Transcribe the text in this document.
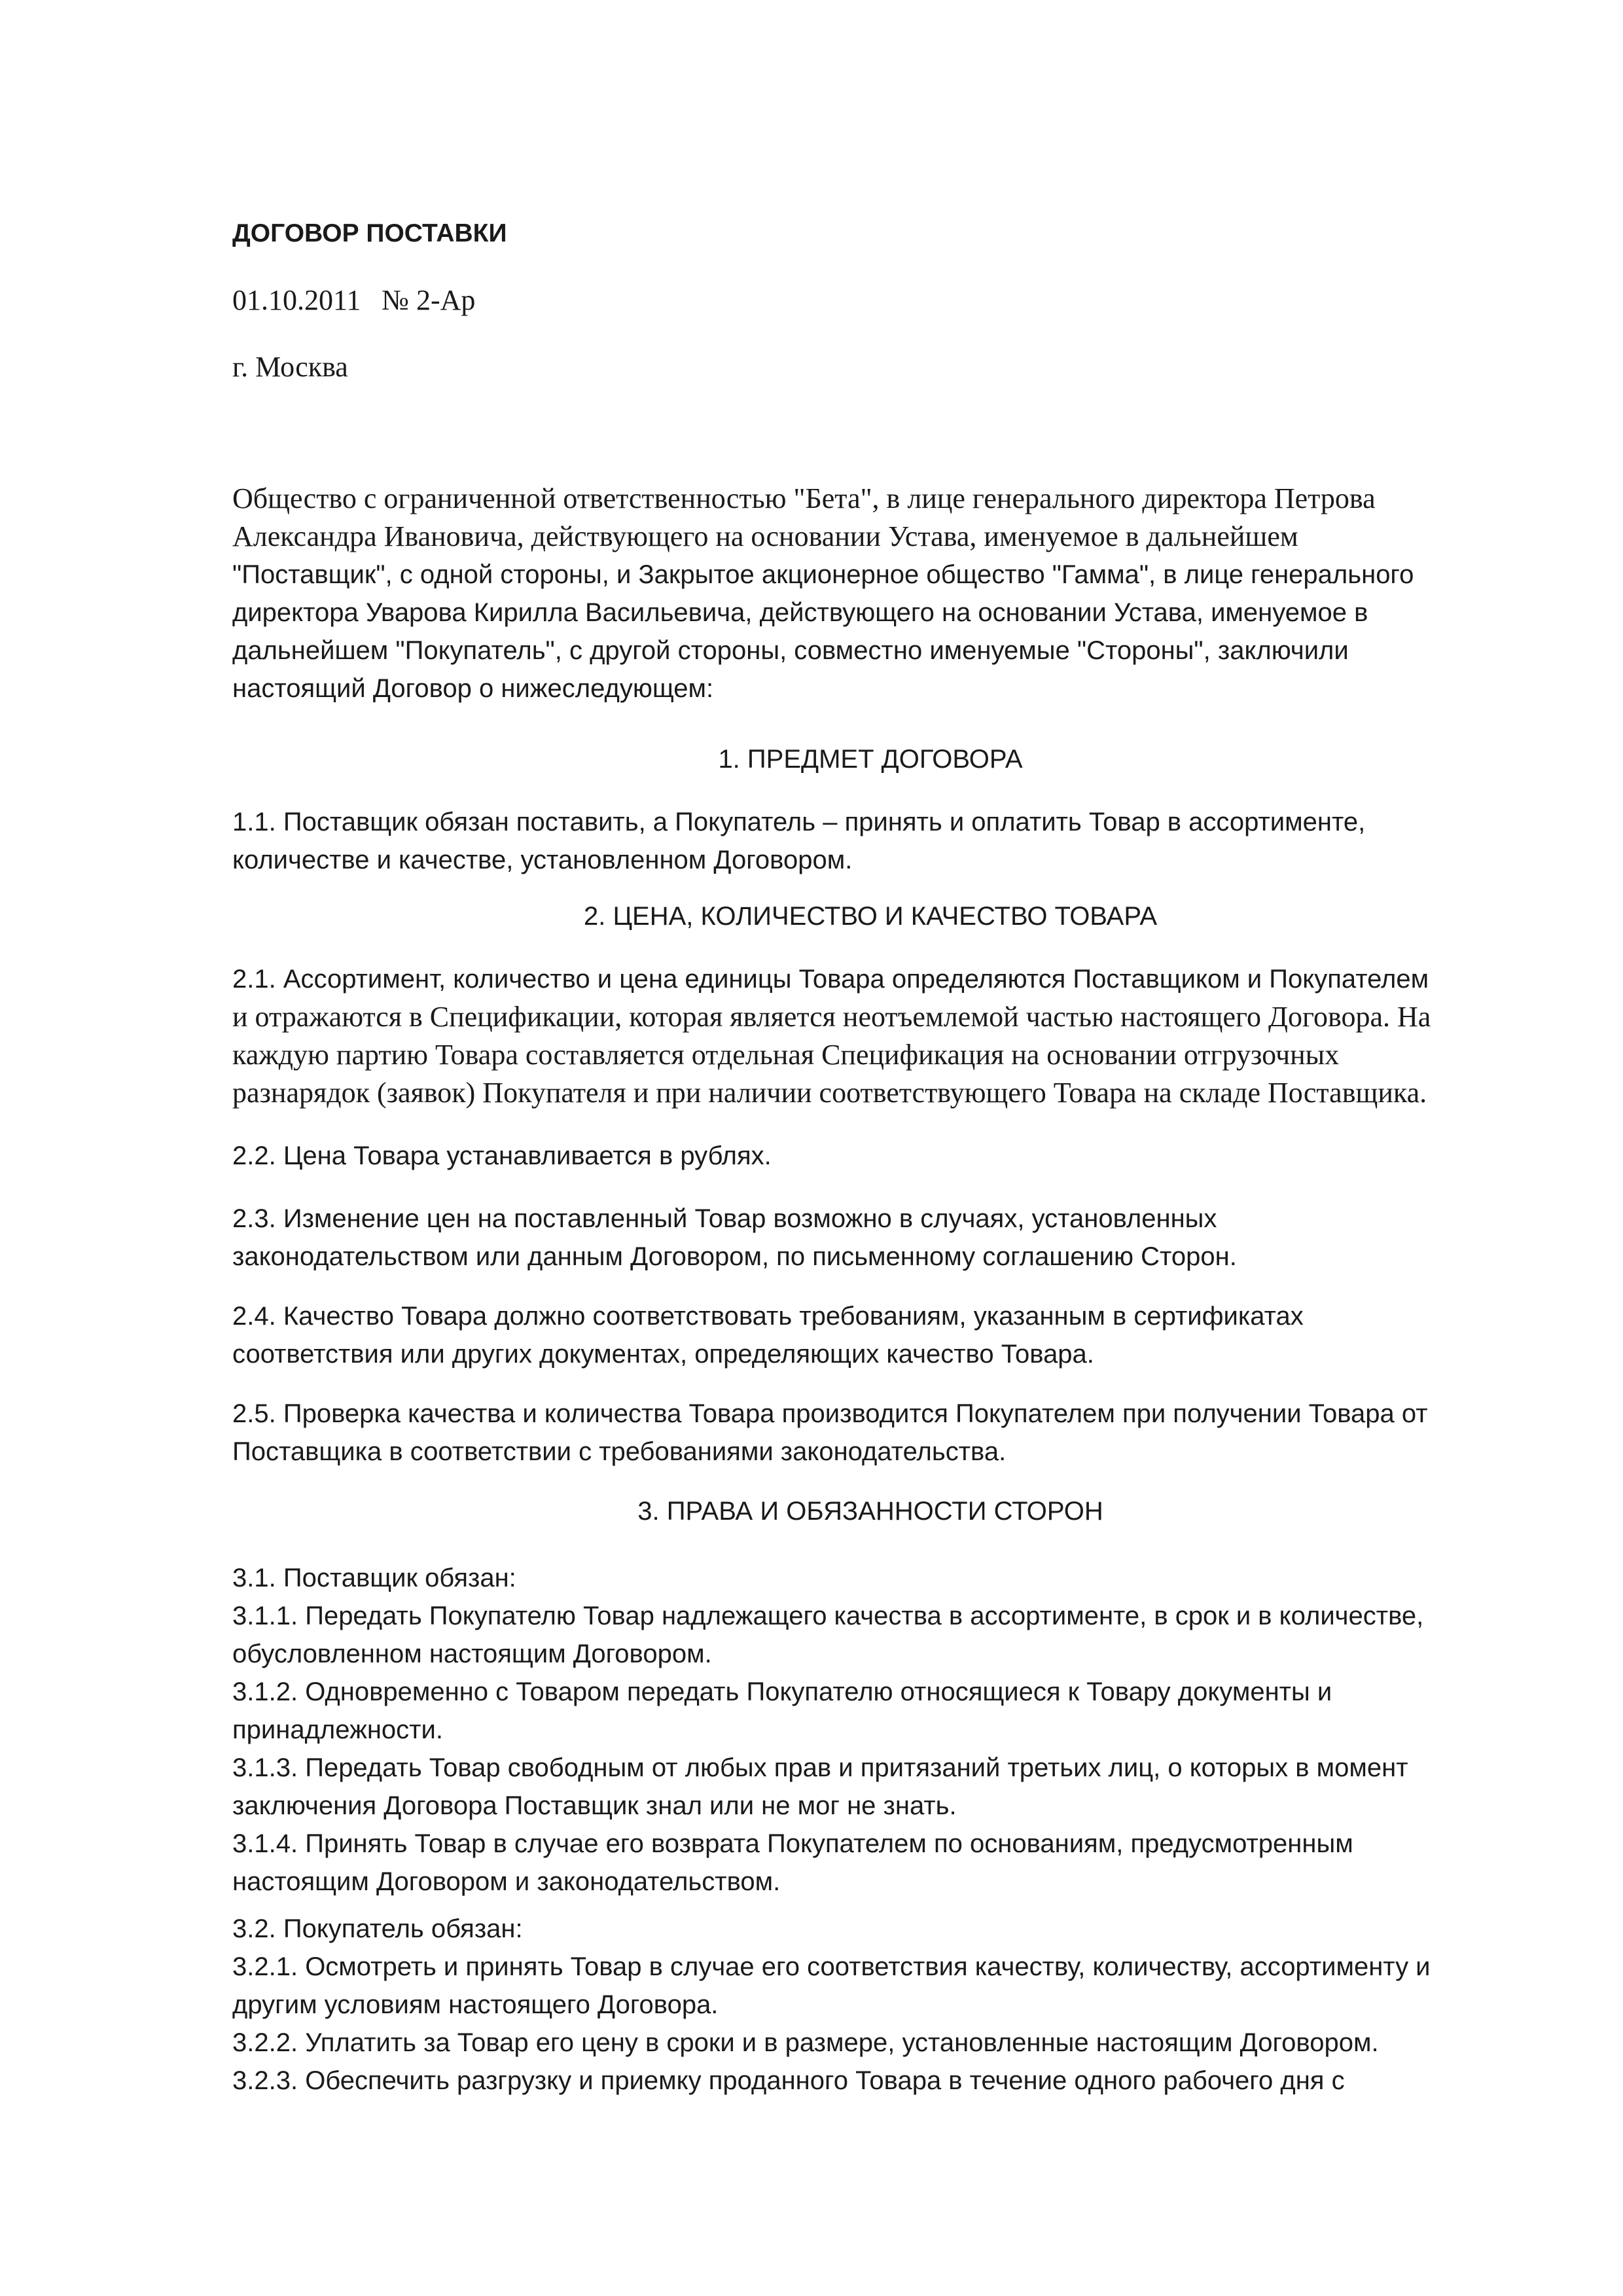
ДОГОВОР ПОСТАВКИ
01.10.2011 № 2-Ар
г. Москва
Общество с ограниченной ответственностью "Бета", в лице генерального директора Петрова
Александра Ивановича, действующего на основании Устава, именуемое в дальнейшем
"Поставщик", с одной стороны, и Закрытое акционерное общество "Гамма", в лице генерального
директора Уварова Кирилла Васильевича, действующего на основании Устава, именуемое в
дальнейшем "Покупатель", с другой стороны, совместно именуемые "Стороны", заключили
настоящий Договор о нижеследующем:
1. ПРЕДМЕТ ДОГОВОРА
1.1. Поставщик обязан поставить, а Покупатель – принять и оплатить Товар в ассортименте,
количестве и качестве, установленном Договором.
2. ЦЕНА, КОЛИЧЕСТВО И КАЧЕСТВО ТОВАРА
2.1. Ассортимент, количество и цена единицы Товара определяются Поставщиком и Покупателем
и отражаются в Спецификации, которая является неотъемлемой частью настоящего Договора. На
каждую партию Товара составляется отдельная Спецификация на основании отгрузочных
разнарядок (заявок) Покупателя и при наличии соответствующего Товара на складе Поставщика.
2.2. Цена Товара устанавливается в рублях.
2.3. Изменение цен на поставленный Товар возможно в случаях, установленных
законодательством или данным Договором, по письменному соглашению Сторон.
2.4. Качество Товара должно соответствовать требованиям, указанным в сертификатах
соответствия или других документах, определяющих качество Товара.
2.5. Проверка качества и количества Товара производится Покупателем при получении Товара от
Поставщика в соответствии с требованиями законодательства.
3. ПРАВА И ОБЯЗАННОСТИ СТОРОН
3.1. Поставщик обязан:
3.1.1. Передать Покупателю Товар надлежащего качества в ассортименте, в срок и в количестве,
обусловленном настоящим Договором.
3.1.2. Одновременно с Товаром передать Покупателю относящиеся к Товару документы и
принадлежности.
3.1.3. Передать Товар свободным от любых прав и притязаний третьих лиц, о которых в момент
заключения Договора Поставщик знал или не мог не знать.
3.1.4. Принять Товар в случае его возврата Покупателем по основаниям, предусмотренным
настоящим Договором и законодательством.
3.2. Покупатель обязан:
3.2.1. Осмотреть и принять Товар в случае его соответствия качеству, количеству, ассортименту и
другим условиям настоящего Договора.
3.2.2. Уплатить за Товар его цену в сроки и в размере, установленные настоящим Договором.
3.2.3. Обеспечить разгрузку и приемку проданного Товара в течение одного рабочего дня с
